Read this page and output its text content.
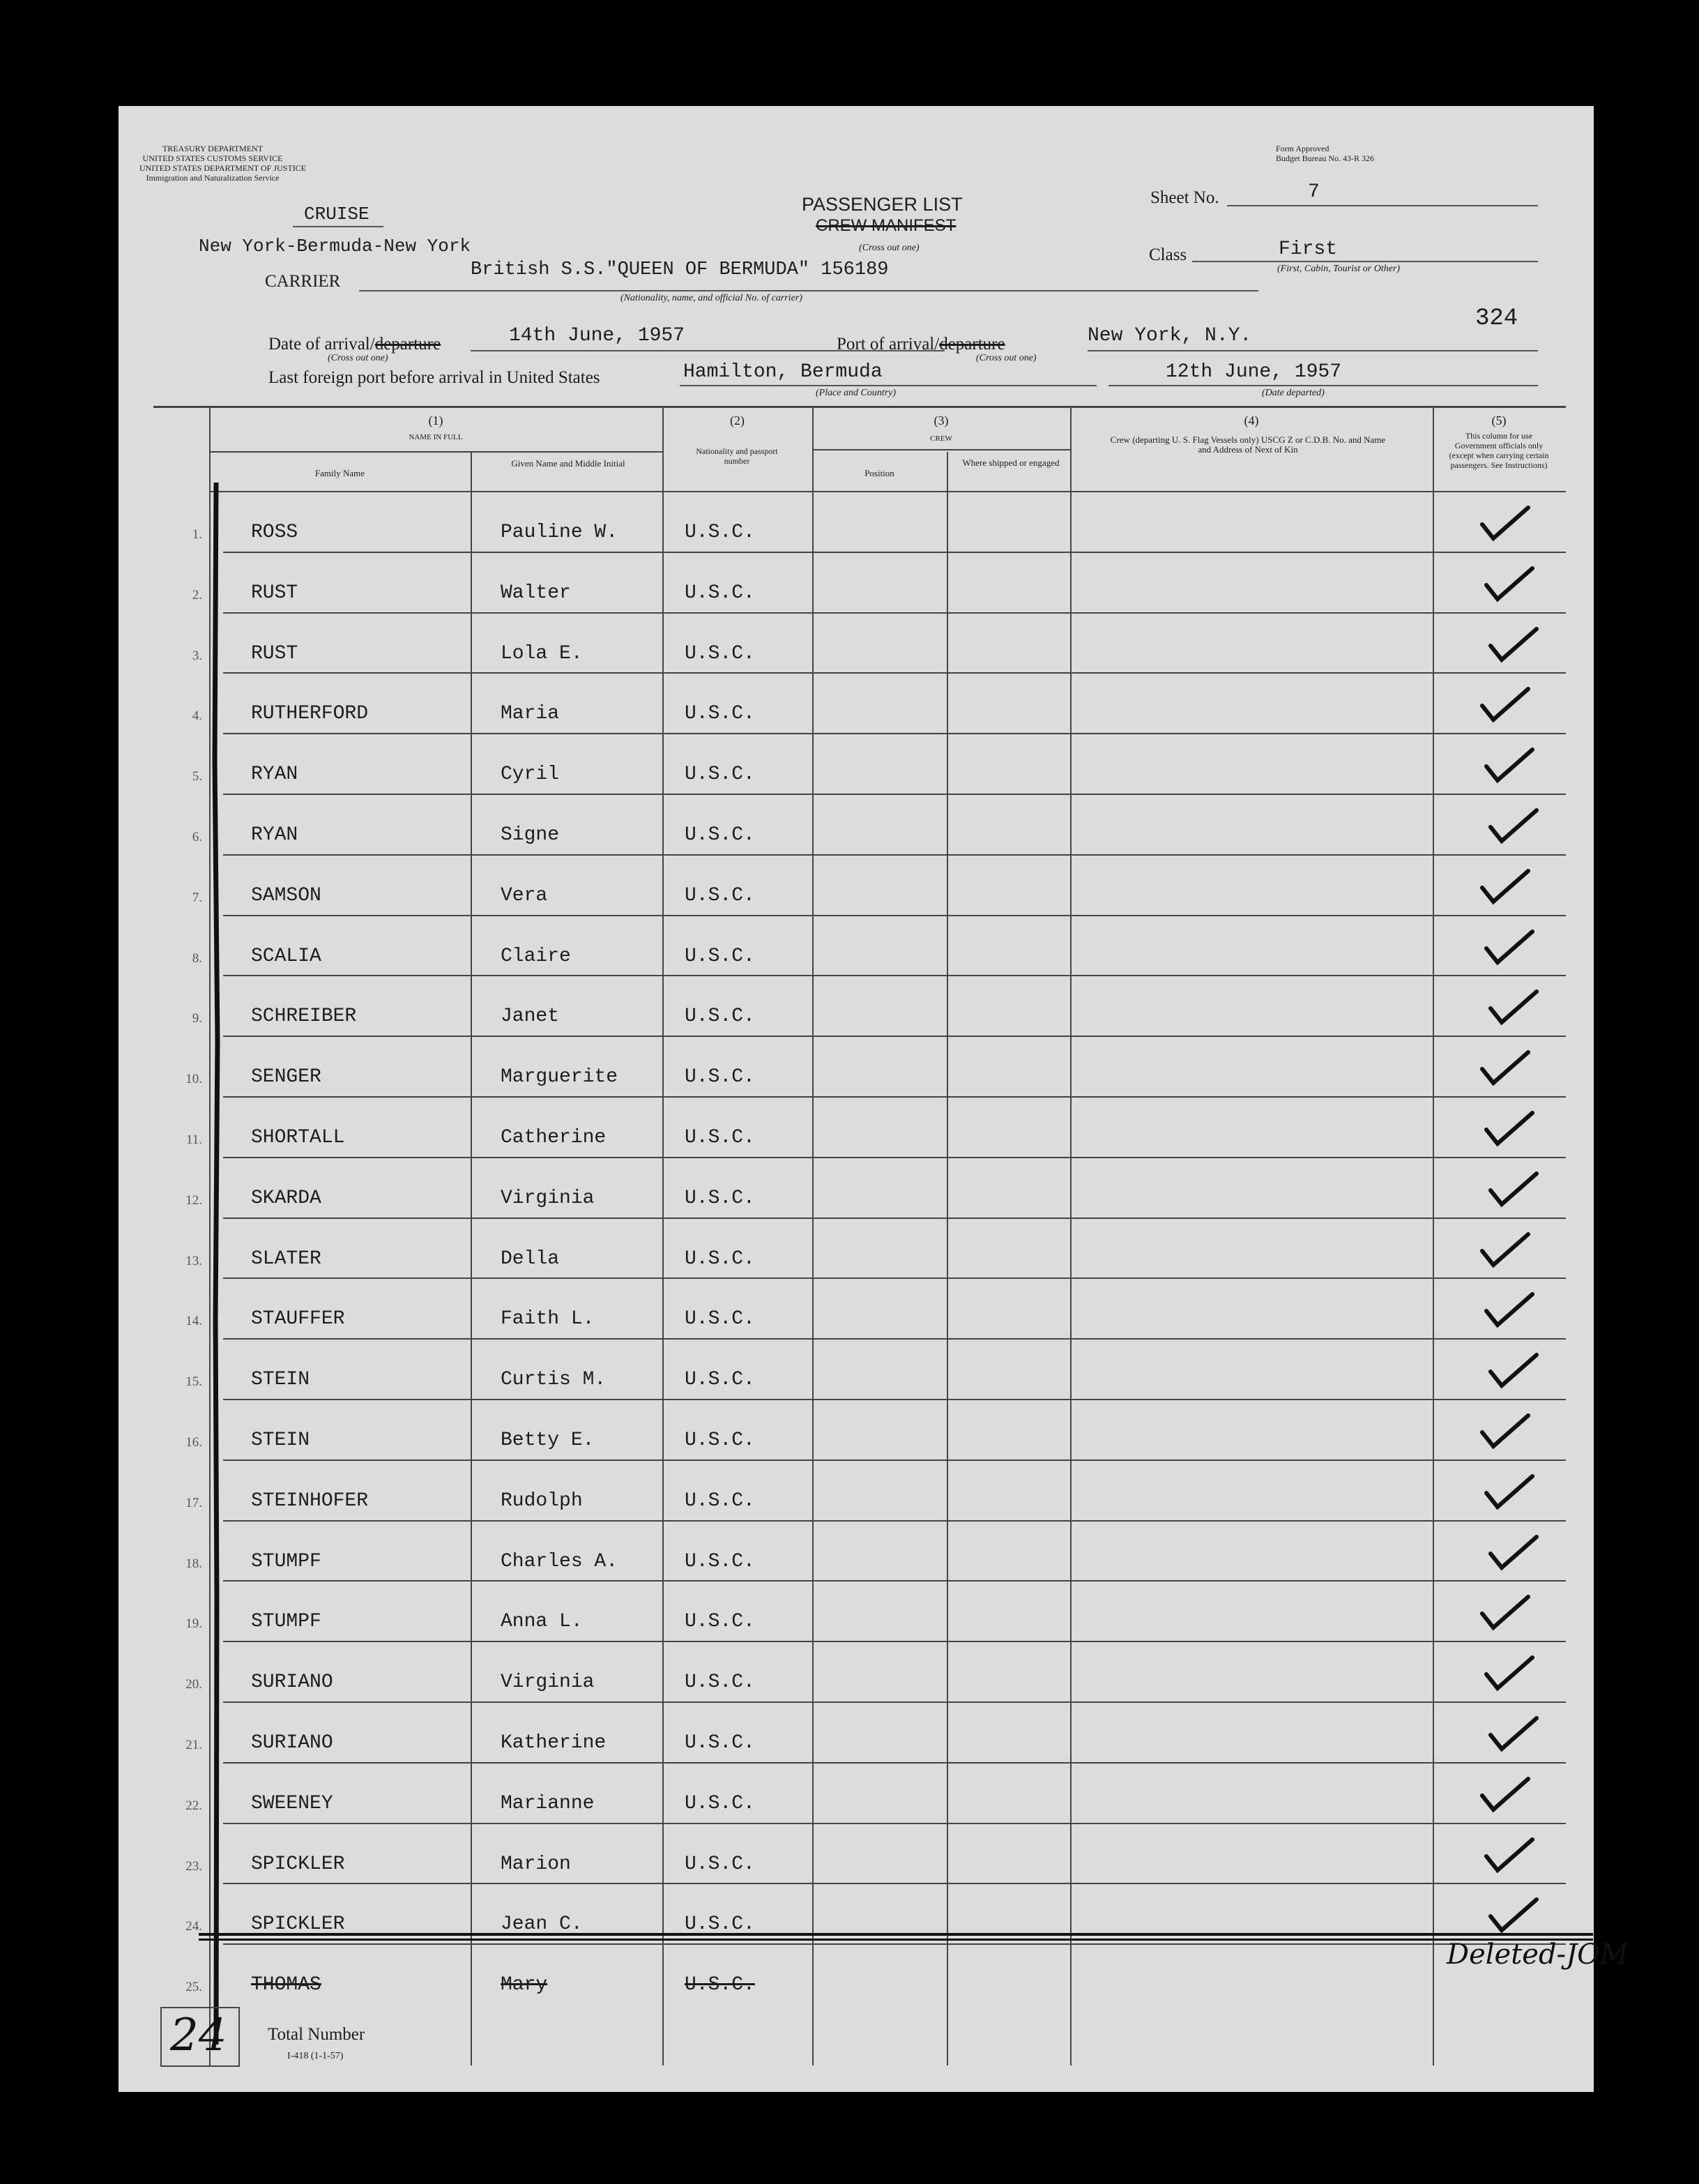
TREASURY DEPARTMENT
UNITED STATES CUSTOMS SERVICE
UNITED STATES DEPARTMENT OF JUSTICE
Immigration and Naturalization Service
Form Approved
Budget Bureau No. 43-R 326
CRUISE
New York-Bermuda-New York
CARRIER
British S.S."QUEEN OF BERMUDA" 156189
(Nationality, name, and official No. of carrier)
PASSENGER LIST
CREW MANIFEST
(Cross out one)
Sheet No.	7
Class	First
(First, Cabin, Tourist or Other)
324
Date of arrival/departure
(Cross out one)
14th June, 1957	Port of arrival/departure
(Cross out one)
New York, N.Y.
Last foreign port before arrival in United States	Hamilton, Bermuda
(Place and Country)
12th June, 1957
(Date departed)
(1)
NAME IN FULL
Family Name
Given Name and Middle Initial
(2)
Nationality and passport number
(3)
CREW
Position
Where shipped or engaged
(4)
Crew (departing U. S. Flag Vessels only) USCG Z or C.D.B. No. and Name and Address of Next of Kin
(5)
This column for use Government officials only (except when carrying certain passengers. See Instructions)
1.	ROSS	Pauline W.	U.S.C.
2.	RUST	Walter	U.S.C.
3.	RUST	Lola E.	U.S.C.
4.	RUTHERFORD	Maria	U.S.C.
5.	RYAN	Cyril	U.S.C.
6.	RYAN	Signe	U.S.C.
7.	SAMSON	Vera	U.S.C.
8.	SCALIA	Claire	U.S.C.
9.	SCHREIBER	Janet	U.S.C.
10.	SENGER	Marguerite	U.S.C.
11.	SHORTALL	Catherine	U.S.C.
12.	SKARDA	Virginia	U.S.C.
13.	SLATER	Della	U.S.C.
14.	STAUFFER	Faith L.	U.S.C.
15.	STEIN	Curtis M.	U.S.C.
16.	STEIN	Betty E.	U.S.C.
17.	STEINHOFER	Rudolph	U.S.C.
18.	STUMPF	Charles A.	U.S.C.
19.	STUMPF	Anna L.	U.S.C.
20.	SURIANO	Virginia	U.S.C.
21.	SURIANO	Katherine	U.S.C.
22.	SWEENEY	Marianne	U.S.C.
23.	SPICKLER	Marion	U.S.C.
24.	SPICKLER	Jean C.	U.S.C.
25.	THOMAS	Mary	U.S.C.
Deleted-JOM
24 Total Number
I-418 (1-1-57)
